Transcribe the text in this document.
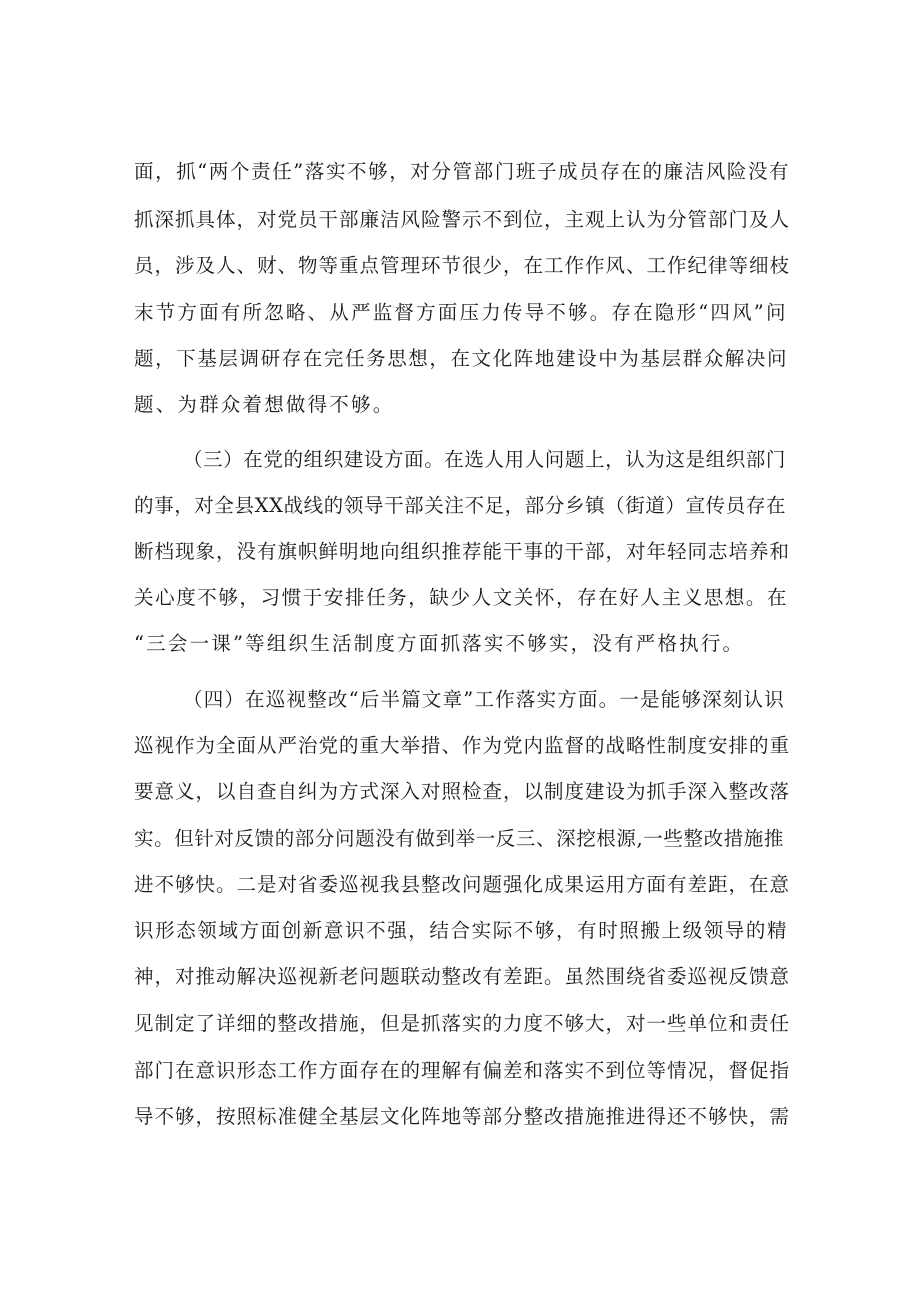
面，抓“两个责任”落实不够，对分管部门班子成员存在的廉洁风险没有
抓深抓具体，对党员干部廉洁风险警示不到位，主观上认为分管部门及人
员，涉及人、财、物等重点管理环节很少，在工作作风、工作纪律等细枝
末节方面有所忽略、从严监督方面压力传导不够。存在隐形“四风”问
题，下基层调研存在完任务思想，在文化阵地建设中为基层群众解决问
题、为群众着想做得不够。
（三）在党的组织建设方面。在选人用人问题上，认为这是组织部门
的事，对全县XX战线的领导干部关注不足，部分乡镇（街道）宣传员存在
断档现象，没有旗帜鲜明地向组织推荐能干事的干部，对年轻同志培养和
关心度不够，习惯于安排任务，缺少人文关怀，存在好人主义思想。在
“三会一课”等组织生活制度方面抓落实不够实，没有严格执行。
（四）在巡视整改“后半篇文章”工作落实方面。一是能够深刻认识
巡视作为全面从严治党的重大举措、作为党内监督的战略性制度安排的重
要意义，以自查自纠为方式深入对照检查，以制度建设为抓手深入整改落
实。但针对反馈的部分问题没有做到举一反三、深挖根源,一些整改措施推
进不够快。二是对省委巡视我县整改问题强化成果运用方面有差距，在意
识形态领域方面创新意识不强，结合实际不够，有时照搬上级领导的精
神，对推动解决巡视新老问题联动整改有差距。虽然围绕省委巡视反馈意
见制定了详细的整改措施，但是抓落实的力度不够大，对一些单位和责任
部门在意识形态工作方面存在的理解有偏差和落实不到位等情况，督促指
导不够，按照标准健全基层文化阵地等部分整改措施推进得还不够快，需
